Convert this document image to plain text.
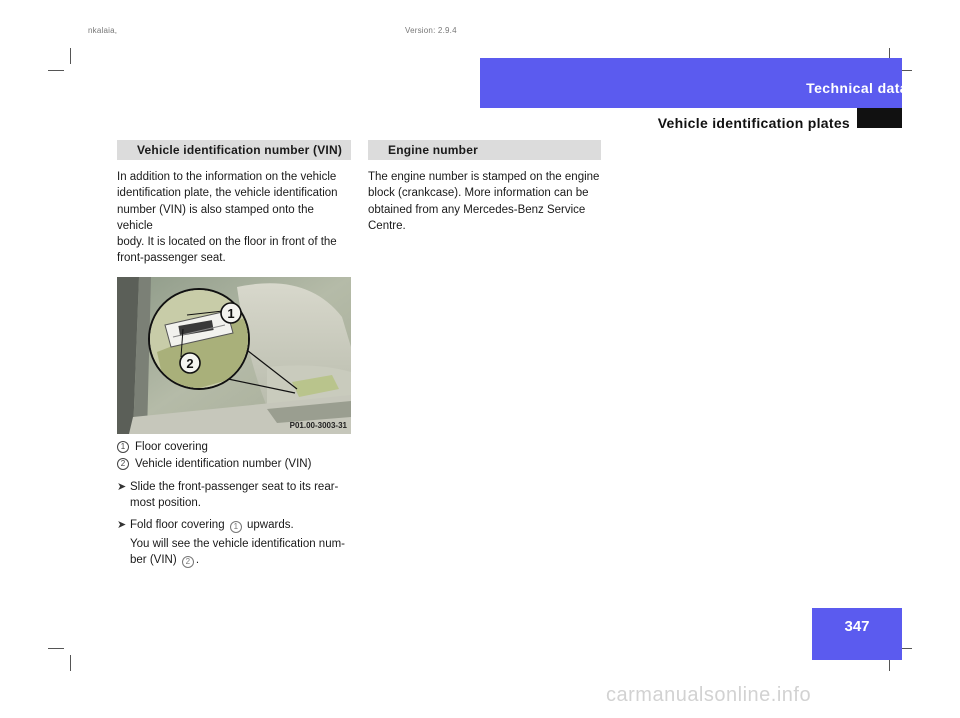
nkalaia,	Version: 2.9.4
Technical data
Vehicle identification plates
Vehicle identification number (VIN)

In addition to the information on the vehicle
identification plate, the vehicle identification
number (VIN) is also stamped onto the vehicle
body. It is located on the floor in front of the
front-passenger seat.

1
2
P01.00-3003-31
1 Floor covering
2 Vehicle identification number (VIN)
➤ Slide the front-passenger seat to its rear-
most position.
➤ Fold floor covering 1 upwards.
You will see the vehicle identification num-
ber (VIN) 2 .
Engine number

The engine number is stamped on the engine
block (crankcase). More information can be
obtained from any Mercedes-Benz Service
Centre.

347
carmanualsonline.info
